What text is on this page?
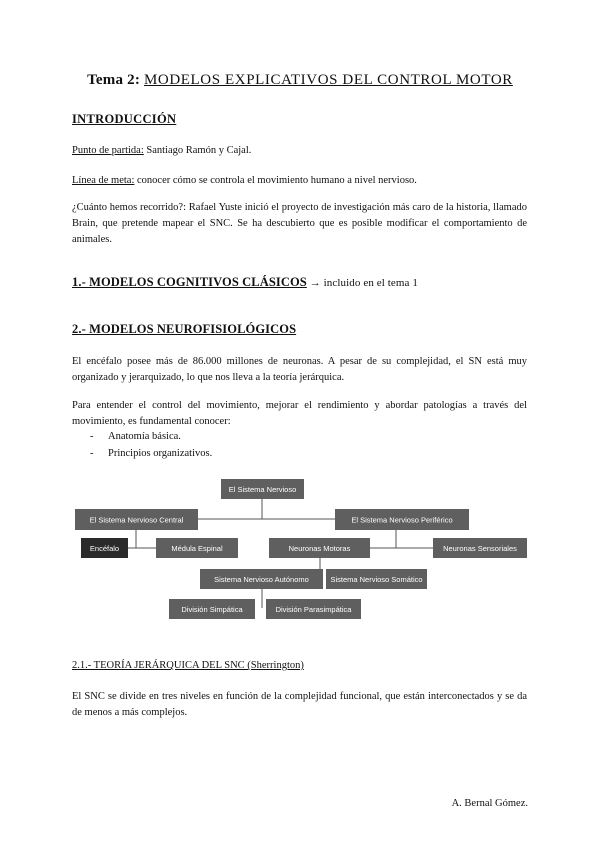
Tema 2: MODELOS EXPLICATIVOS DEL CONTROL MOTOR
INTRODUCCIÓN
Punto de partida: Santiago Ramón y Cajal.
Línea de meta: conocer cómo se controla el movimiento humano a nivel nervioso.
¿Cuánto hemos recorrido?: Rafael Yuste inició el proyecto de investigación más caro de la historia, llamado Brain, que pretende mapear el SNC. Se ha descubierto que es posible modificar el comportamiento de animales.
1.- MODELOS COGNITIVOS CLÁSICOS → incluido en el tema 1
2.- MODELOS NEUROFISIOLÓGICOS
El encéfalo posee más de 86.000 millones de neuronas. A pesar de su complejidad, el SN está muy organizado y jerarquizado, lo que nos lleva a la teoría jerárquica.
Para entender el control del movimiento, mejorar el rendimiento y abordar patologías a través del movimiento, es fundamental conocer:
- Anatomía básica.
- Principios organizativos.
El Sistema Nervioso
El Sistema Nervioso Central	El Sistema Nervioso Periférico
Encéfalo	Médula Espinal	Neuronas Motoras	Neuronas Sensoriales
Sistema Nervioso Autónomo	Sistema Nervioso Somático
División Simpática	División Parasimpática
2.1.- TEORÍA JERÁRQUICA DEL SNC (Sherrington)
El SNC se divide en tres niveles en función de la complejidad funcional, que están interconectados y se da de menos a más complejos.
A. Bernal Gómez.
